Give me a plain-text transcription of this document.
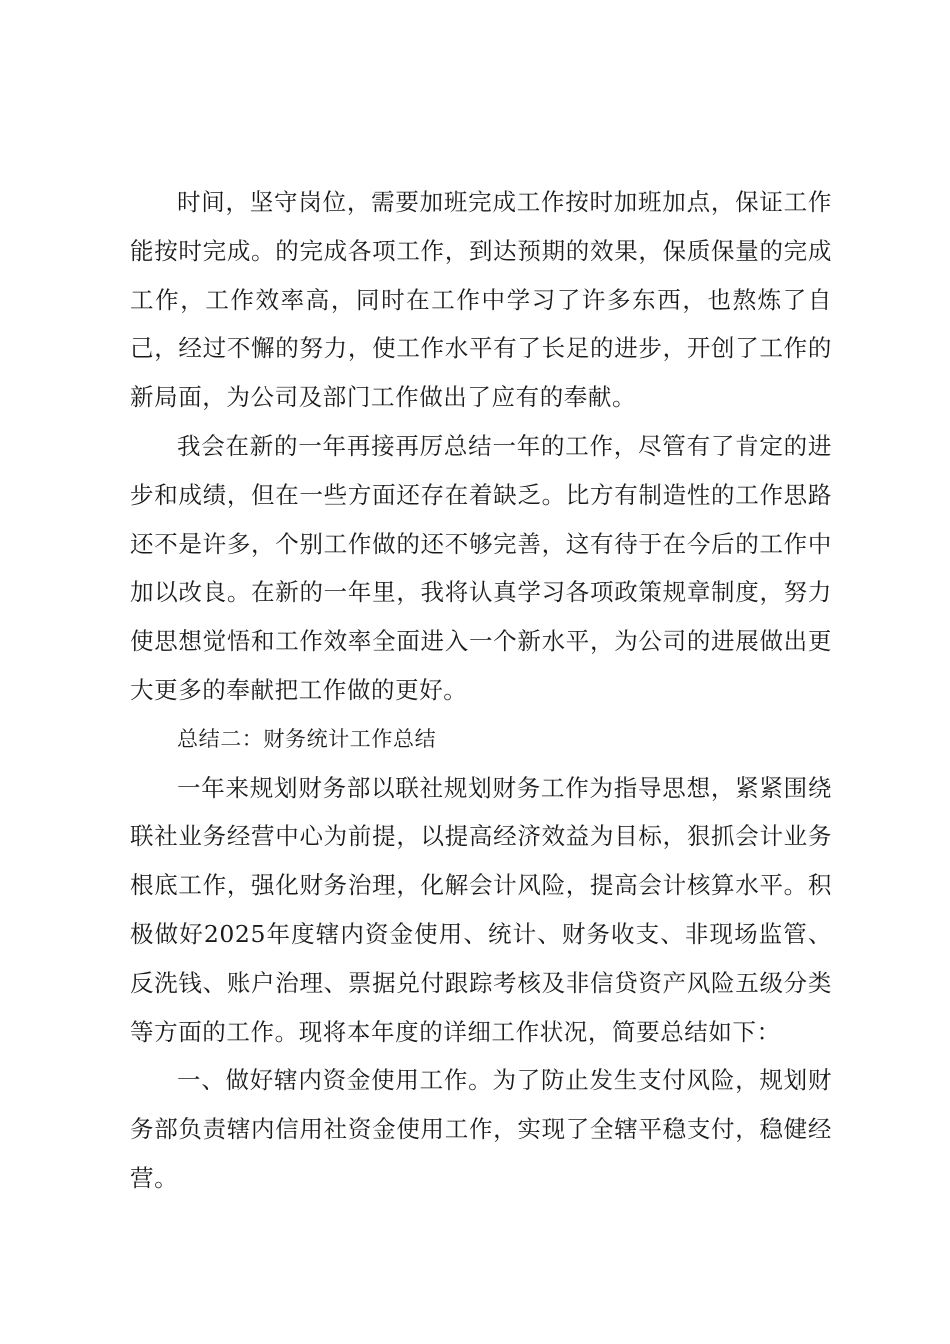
时间，坚守岗位，需要加班完成工作按时加班加点，保证工作能按时完成。的完成各项工作，到达预期的效果，保质保量的完成工作，工作效率高，同时在工作中学习了许多东西，也熬炼了自己，经过不懈的努力，使工作水平有了长足的进步，开创了工作的新局面，为公司及部门工作做出了应有的奉献。

我会在新的一年再接再厉总结一年的工作，尽管有了肯定的进步和成绩，但在一些方面还存在着缺乏。比方有制造性的工作思路还不是许多，个别工作做的还不够完善，这有待于在今后的工作中加以改良。在新的一年里，我将认真学习各项政策规章制度，努力使思想觉悟和工作效率全面进入一个新水平，为公司的进展做出更大更多的奉献把工作做的更好。

总结二：财务统计工作总结

一年来规划财务部以联社规划财务工作为指导思想，紧紧围绕联社业务经营中心为前提，以提高经济效益为目标，狠抓会计业务根底工作，强化财务治理，化解会计风险，提高会计核算水平。积极做好2025年度辖内资金使用、统计、财务收支、非现场监管、反洗钱、账户治理、票据兑付跟踪考核及非信贷资产风险五级分类等方面的工作。现将本年度的详细工作状况，简要总结如下：

一、做好辖内资金使用工作。为了防止发生支付风险，规划财务部负责辖内信用社资金使用工作，实现了全辖平稳支付，稳健经营。
